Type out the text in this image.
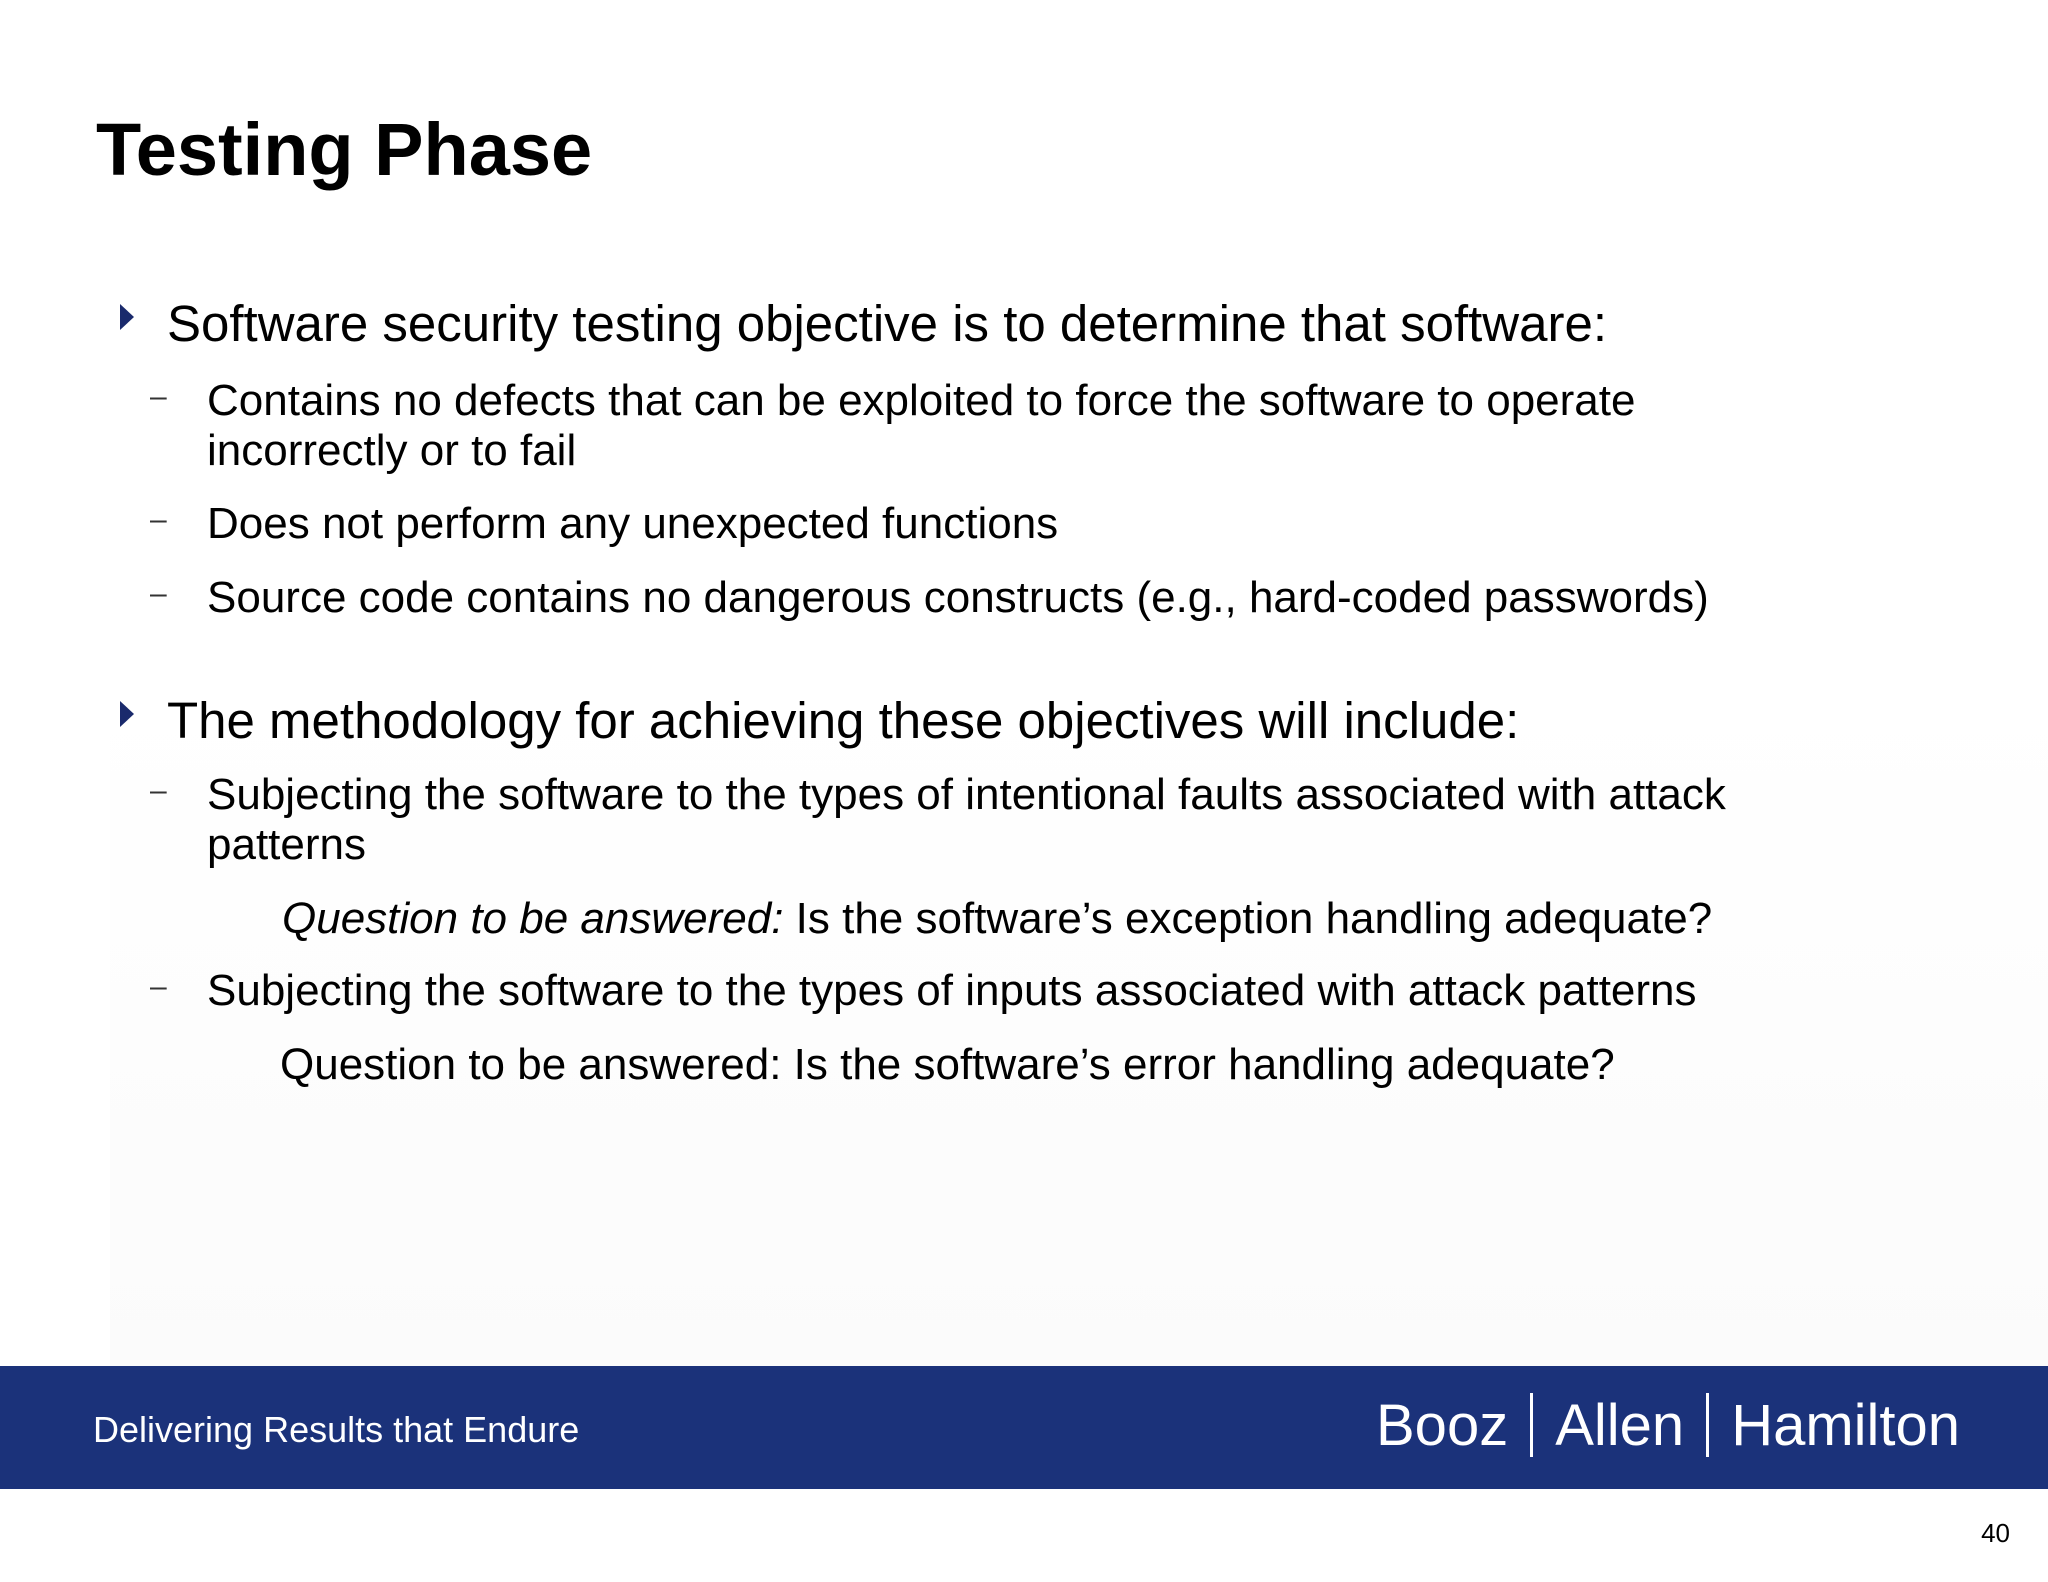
Testing Phase
Software security testing objective is to determine that software:
– Contains no defects that can be exploited to force the software to operate incorrectly or to fail
– Does not perform any unexpected functions
– Source code contains no dangerous constructs (e.g., hard-coded passwords)
The methodology for achieving these objectives will include:
– Subjecting the software to the types of intentional faults associated with attack patterns
Question to be answered: Is the software’s exception handling adequate?
– Subjecting the software to the types of inputs associated with attack patterns
Question to be answered: Is the software’s error handling adequate?
Delivering Results that Endure	Booz Allen Hamilton
40
